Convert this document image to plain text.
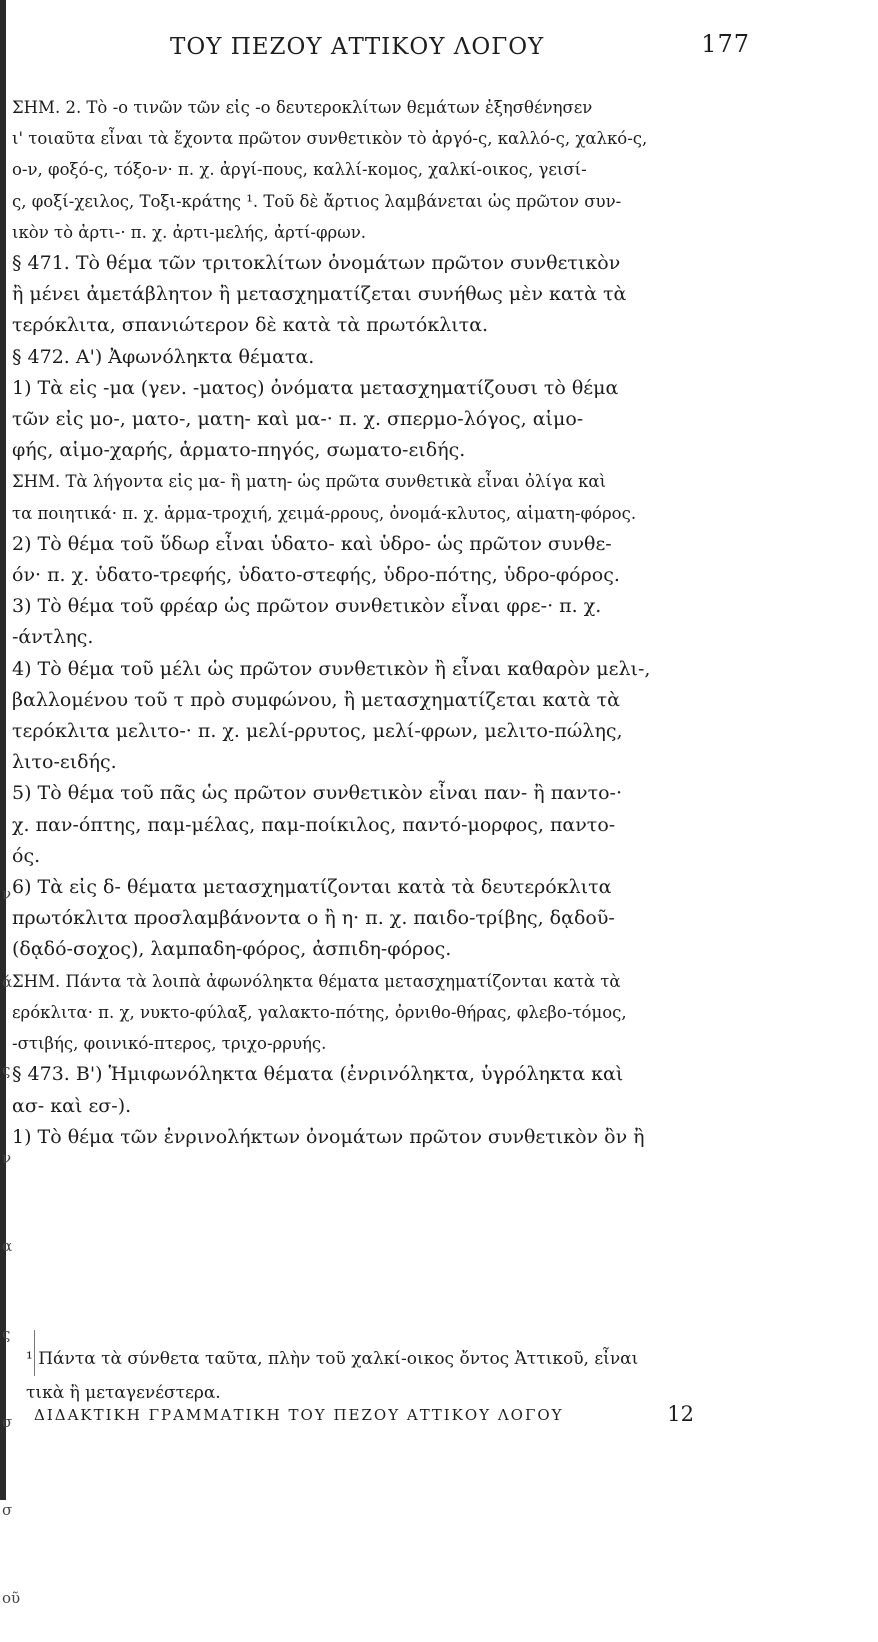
ν
ά
ς
ν
α
ς
σ
σ
οῦ
ΤΟΥ ΠΕΖΟΥ ΑΤΤΙΚΟΥ ΛΟΓΟΥ	177

ΣΗΜ. 2. Τὸ -ο τινῶν τῶν εἰς -ο δευτεροκλίτων θεμάτων ἐξησθένησεν

ι' τοιαῦτα εἶναι τὰ ἔχοντα πρῶτον συνθετικὸν τὸ ἀργό-ς, καλλό-ς, χαλκό-ς,

ο-ν, φοξό-ς, τόξο-ν· π. χ. ἀργί-πους, καλλί-κομος, χαλκί-οικος, γεισί-

ς, φοξί-χειλος, Τοξι-κράτης ¹. Τοῦ δὲ ἄρτιος λαμβάνεται ὡς πρῶτον συν-

ικὸν τὸ ἀρτι-· π. χ. ἀρτι-μελής, ἀρτί-φρων.

§ 471. Τὸ θέμα τῶν τριτοκλίτων ὀνομάτων πρῶτον συνθετικὸν

ἢ μένει ἀμετάβλητον ἢ μετασχηματίζεται συνήθως μὲν κατὰ τὰ

τερόκλιτα, σπανιώτερον δὲ κατὰ τὰ πρωτόκλιτα.

§ 472. Α') Ἀφωνόληκτα θέματα.

1) Τὰ εἰς -μα (γεν. -ματος) ὀνόματα μετασχηματίζουσι τὸ θέμα

τῶν εἰς μο-, ματο-, ματη- καὶ μα-· π. χ. σπερμο-λόγος, αἱμο-

φής, αἱμο-χαρής, ἁρματο-πηγός, σωματο-ειδής.

ΣΗΜ. Τὰ λήγοντα εἰς μα- ἢ ματη- ὡς πρῶτα συνθετικὰ εἶναι ὀλίγα καὶ

τα ποιητικά· π. χ. ἁρμα-τροχιή, χειμά-ρρους, ὀνομά-κλυτος, αἱματη-φόρος.

2) Τὸ θέμα τοῦ ὕδωρ εἶναι ὑδατο- καὶ ὑδρο- ὡς πρῶτον συνθε-

όν· π. χ. ὑδατο-τρεφής, ὑδατο-στεφής, ὑδρο-πότης, ὑδρο-φόρος.

3) Τὸ θέμα τοῦ φρέαρ ὡς πρῶτον συνθετικὸν εἶναι φρε-· π. χ.

-άντλης.

4) Τὸ θέμα τοῦ μέλι ὡς πρῶτον συνθετικὸν ἢ εἶναι καθαρὸν μελι-,

βαλλομένου τοῦ τ πρὸ συμφώνου, ἢ μετασχηματίζεται κατὰ τὰ

τερόκλιτα μελιτο-· π. χ. μελί-ρρυτος, μελί-φρων, μελιτο-πώλης,

λιτο-ειδής.

5) Τὸ θέμα τοῦ πᾶς ὡς πρῶτον συνθετικὸν εἶναι παν- ἢ παντο-·

χ. παν-όπτης, παμ-μέλας, παμ-ποίκιλος, παντό-μορφος, παντο-

ός.

6) Τὰ εἰς δ- θέματα μετασχηματίζονται κατὰ τὰ δευτερόκλιτα

πρωτόκλιτα προσλαμβάνοντα ο ἢ η· π. χ. παιδο-τρίβης, δᾳδοῦ-

(δᾳδό-σοχος), λαμπαδη-φόρος, ἀσπιδη-φόρος.

ΣΗΜ. Πάντα τὰ λοιπὰ ἀφωνόληκτα θέματα μετασχηματίζονται κατὰ τὰ

ερόκλιτα· π. χ, νυκτο-φύλαξ, γαλακτο-πότης, ὀρνιθο-θήρας, φλεβο-τόμος,

-στιβής, φοινικό-πτερος, τριχο-ρρυής.

§ 473. Β') Ἡμιφωνόληκτα θέματα (ἐνρινόληκτα, ὑγρόληκτα καὶ

ασ- καὶ εσ-).

1) Τὸ θέμα τῶν ἐνρινολήκτων ὀνομάτων πρῶτον συνθετικὸν ὂν ἢ

¹ Πάντα τὰ σύνθετα ταῦτα, πλὴν τοῦ χαλκί-οικος ὄντος Ἀττικοῦ, εἶναι

τικὰ ἢ μεταγενέστερα.

ΔΙΔΑΚΤΙΚΗ ΓΡΑΜΜΑΤΙΚΗ ΤΟΥ ΠΕΖΟΥ ΑΤΤΙΚΟΥ ΛΟΓΟΥ	12
